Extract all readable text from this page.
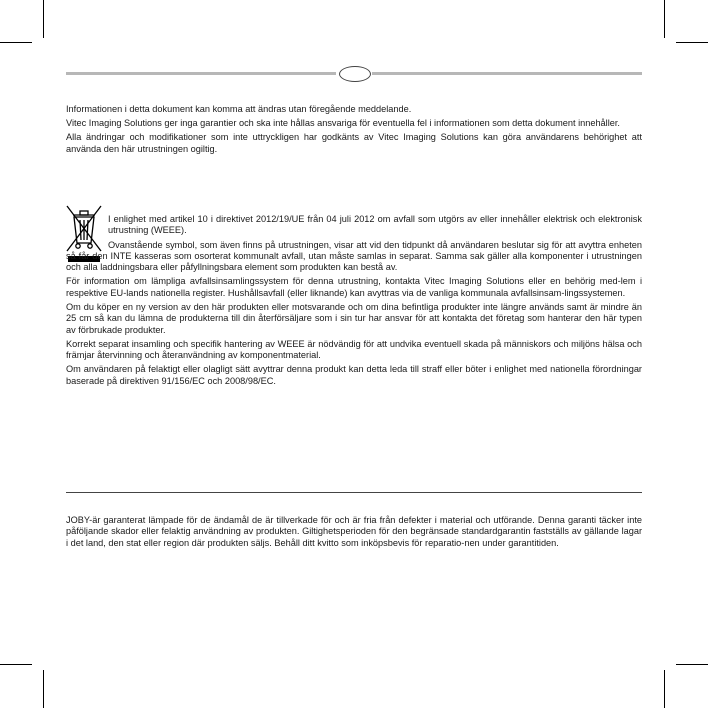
Informationen i detta dokument kan komma att ändras utan föregående meddelande.

Vitec Imaging Solutions ger inga garantier och ska inte hållas ansvariga för eventuella fel i informationen som detta dokument innehåller.

Alla ändringar och modifikationer som inte uttryckligen har godkänts av Vitec Imaging Solutions kan göra användarens behörighet att använda den här utrustningen ogiltig.

I enlighet med artikel 10 i direktivet 2012/19/UE från 04 juli 2012 om avfall som utgörs av eller innehåller elektrisk och elektronisk utrustning (WEEE).

Ovanstående symbol, som även finns på utrustningen, visar att vid den tidpunkt då användaren beslutar sig för att avyttra enheten så får den INTE kasseras som osorterat kommunalt avfall, utan måste samlas in separat. Samma sak gäller alla komponenter i utrustningen och alla laddningsbara eller påfyllningsbara element som produkten kan bestå av.

För information om lämpliga avfallsinsamlingssystem för denna utrustning, kontakta Vitec Imaging Solutions eller en behörig med-lem i respektive EU-lands nationella register. Hushållsavfall (eller liknande) kan avyttras via de vanliga kommunala avfallsinsam-lingssystemen.

Om du köper en ny version av den här produkten eller motsvarande och om dina befintliga produkter inte längre används samt är mindre än 25 cm så kan du lämna de produkterna till din återförsäljare som i sin tur har ansvar för att kontakta det företag som hanterar den här typen av förbrukade produkter.

Korrekt separat insamling och specifik hantering av WEEE är nödvändig för att undvika eventuell skada på människors och miljöns hälsa och främjar återvinning och återanvändning av komponentmaterial.

Om användaren på felaktigt eller olagligt sätt avyttrar denna produkt kan detta leda till straff eller böter i enlighet med nationella förordningar baserade på direktiven 91/156/EC och 2008/98/EC.

JOBY-är garanterat lämpade för de ändamål de är tillverkade för och är fria från defekter i material och utförande. Denna garanti täcker inte påföljande skador eller felaktig användning av produkten. Giltighetsperioden för den begränsade standardgarantin fastställs av gällande lagar i det land, den stat eller region där produkten säljs. Behåll ditt kvitto som inköpsbevis för reparatio-nen under garantitiden.
